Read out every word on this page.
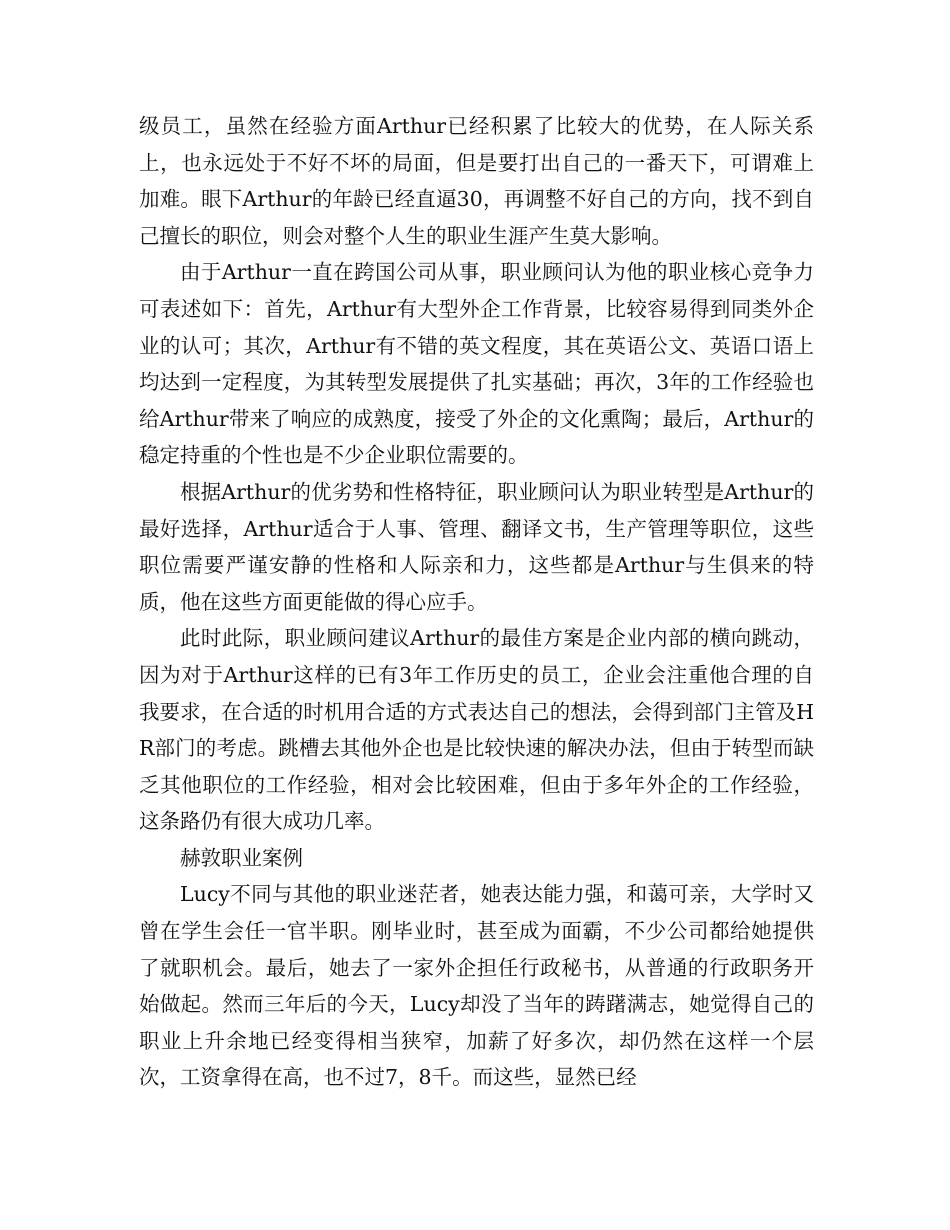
级员工，虽然在经验方面Arthur已经积累了比较大的优势，在人际关系上，也永远处于不好不坏的局面，但是要打出自己的一番天下，可谓难上加难。眼下Arthur的年龄已经直逼30，再调整不好自己的方向，找不到自己擅长的职位，则会对整个人生的职业生涯产生莫大影响。

由于Arthur一直在跨国公司从事，职业顾问认为他的职业核心竞争力可表述如下：首先，Arthur有大型外企工作背景，比较容易得到同类外企业的认可；其次，Arthur有不错的英文程度，其在英语公文、英语口语上均达到一定程度，为其转型发展提供了扎实基础；再次，3年的工作经验也给Arthur带来了响应的成熟度，接受了外企的文化熏陶；最后，Arthur的稳定持重的个性也是不少企业职位需要的。

根据Arthur的优劣势和性格特征，职业顾问认为职业转型是Arthur的最好选择，Arthur适合于人事、管理、翻译文书，生产管理等职位，这些职位需要严谨安静的性格和人际亲和力，这些都是Arthur与生俱来的特质，他在这些方面更能做的得心应手。

此时此际，职业顾问建议Arthur的最佳方案是企业内部的横向跳动，因为对于Arthur这样的已有3年工作历史的员工，企业会注重他合理的自我要求，在合适的时机用合适的方式表达自己的想法，会得到部门主管及HR部门的考虑。跳槽去其他外企也是比较快速的解决办法，但由于转型而缺乏其他职位的工作经验，相对会比较困难，但由于多年外企的工作经验，这条路仍有很大成功几率。

赫敦职业案例

Lucy不同与其他的职业迷茫者，她表达能力强，和蔼可亲，大学时又曾在学生会任一官半职。刚毕业时，甚至成为面霸，不少公司都给她提供了就职机会。最后，她去了一家外企担任行政秘书，从普通的行政职务开始做起。然而三年后的今天，Lucy却没了当年的踌躇满志，她觉得自己的职业上升余地已经变得相当狭窄，加薪了好多次，却仍然在这样一个层次，工资拿得在高，也不过7，8千。而这些，显然已经
